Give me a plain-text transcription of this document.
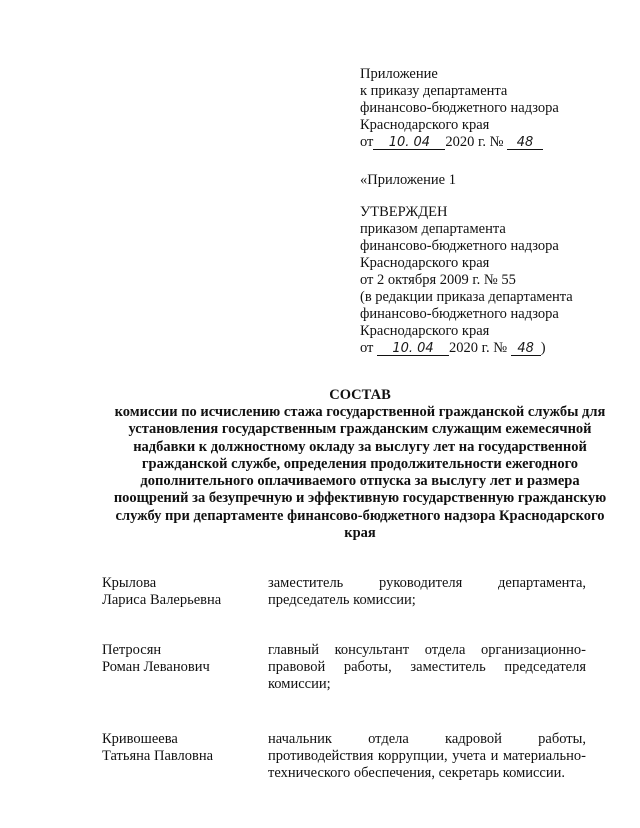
Приложение
к приказу департамента
финансово-бюджетного надзора
Краснодарского края
от 10. 04 2020 г. № 48
«Приложение 1
УТВЕРЖДЕН
приказом департамента
финансово-бюджетного надзора
Краснодарского края
от 2 октября 2009 г. № 55
(в редакции приказа департамента
финансово-бюджетного надзора
Краснодарского края
от 10. 04 2020 г. № 48 )
СОСТАВ
комиссии по исчислению стажа государственной гражданской службы для
установления государственным гражданским служащим ежемесячной
надбавки к должностному окладу за выслугу лет на государственной
гражданской службе, определения продолжительности ежегодного
дополнительного оплачиваемого отпуска за выслугу лет и размера
поощрений за безупречную и эффективную государственную гражданскую
службу при департаменте финансово-бюджетного надзора Краснодарского
края
Крылова
Лариса Валерьевна
заместитель руководителя департамента, председатель комиссии;
Петросян
Роман Леванович
главный консультант отдела организационно-правовой работы, заместитель председателя комиссии;
Кривошеева
Татьяна Павловна
начальник отдела кадровой работы, противодействия коррупции, учета и материально-технического обеспечения, секретарь комиссии.
